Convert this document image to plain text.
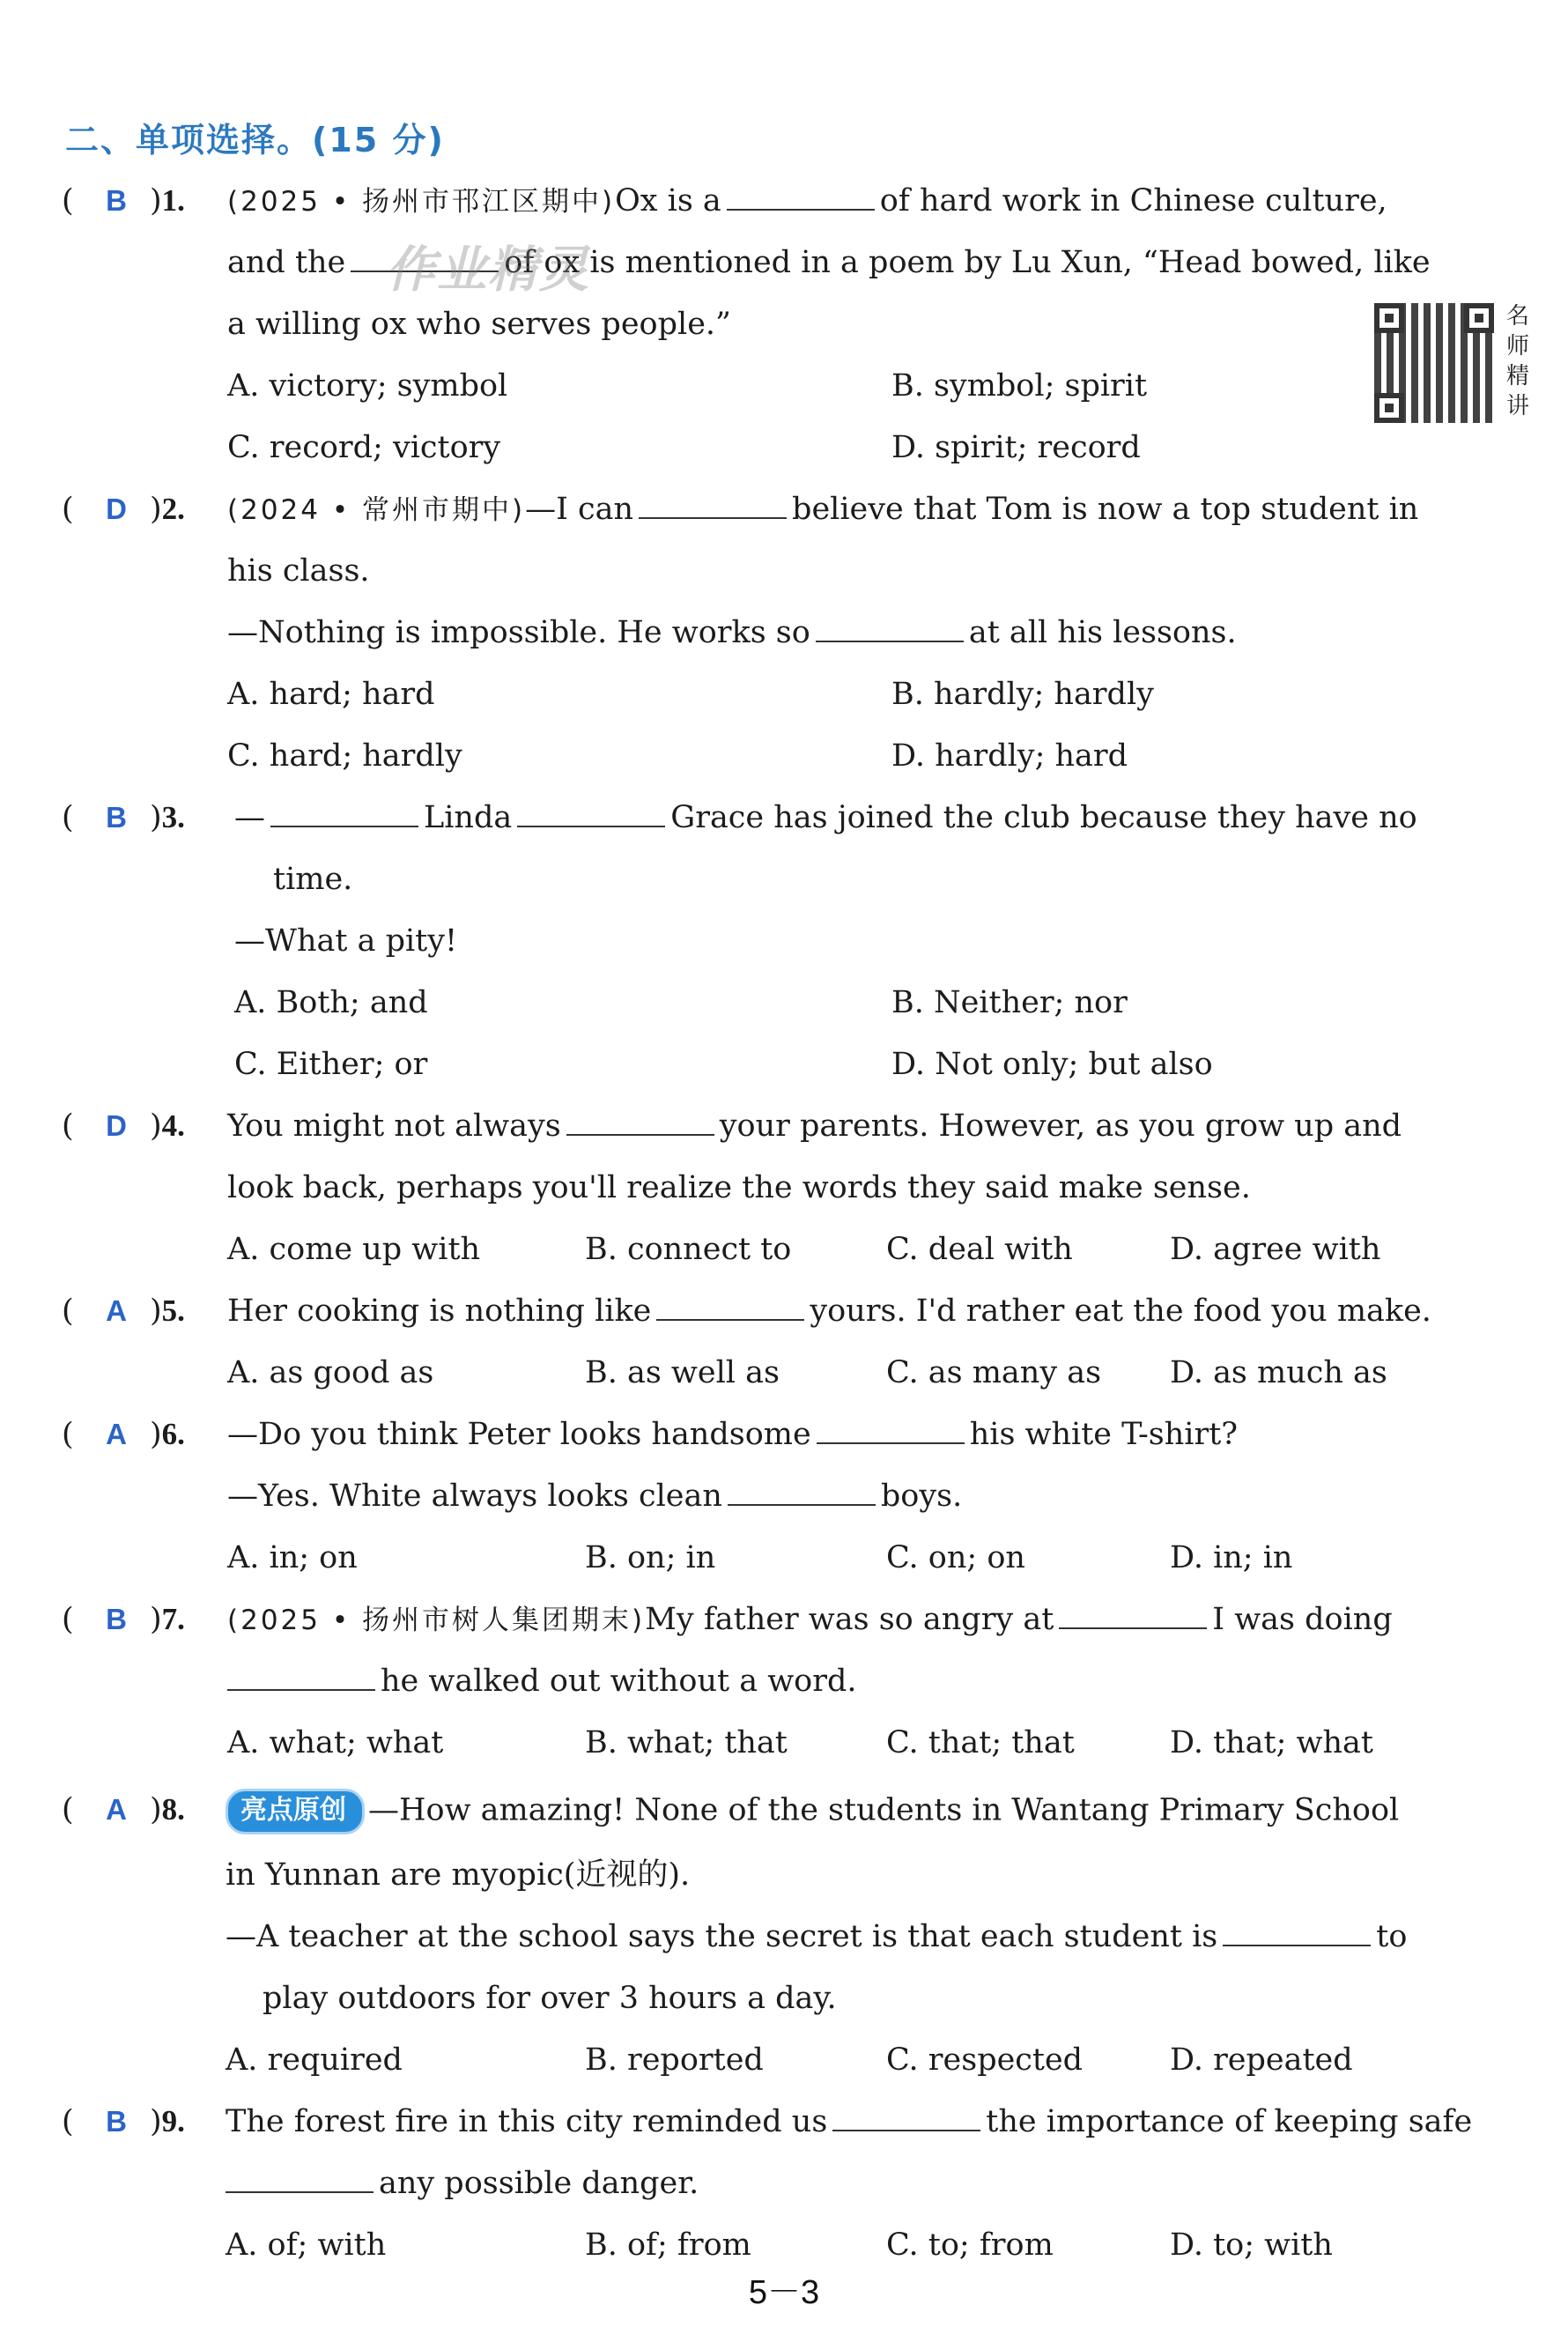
二、单项选择。(15 分)
( B )1. (2025 • 扬州市邗江区期中)Ox is a	of hard work in Chinese culture,
and the	of ox is mentioned in a poem by Lu Xun, “Head bowed, like
a willing ox who serves people.”
A. victory; symbol	B. symbol; spirit
C. record; victory	D. spirit; record
名
师
精
讲
作业精灵
( D )2. (2024 • 常州市期中)—I can	believe that Tom is now a top student in
his class.
—Nothing is impossible. He works so	at all his lessons.
A. hard; hard	B. hardly; hardly
C. hard; hardly	D. hardly; hard
( B )3. —	Linda	Grace has joined the club because they have no
time.
—What a pity!
A. Both; and	B. Neither; nor
C. Either; or	D. Not only; but also
( D )4. You might not always	your parents. However, as you grow up and
look back, perhaps you'll realize the words they said make sense.
A. come up with	B. connect to	C. deal with	D. agree with
( A )5. Her cooking is nothing like	yours. I'd rather eat the food you make.
A. as good as	B. as well as	C. as many as D. as much as
( A )6. —Do you think Peter looks handsome	his white T-shirt?
—Yes. White always looks clean	boys.
A. in; on	B. on; in	C. on; on	D. in; in
( B )7. (2025 • 扬州市树人集团期末)My father was so angry at	I was doing
he walked out without a word.
A. what; what	B. what; that	C. that; that	D. that; what
( A )8.	亮点原创 —How amazing! None of the students in Wantang Primary School
in Yunnan are myopic(近视的).
—A teacher at the school says the secret is that each student is	to
play outdoors for over 3 hours a day.
A. required	B. reported	C. respected	D. repeated
( B )9. The forest fire in this city reminded us	the importance of keeping safe
any possible danger.
A. of; with	B. of; from	C. to; from	D. to; with
5－3
